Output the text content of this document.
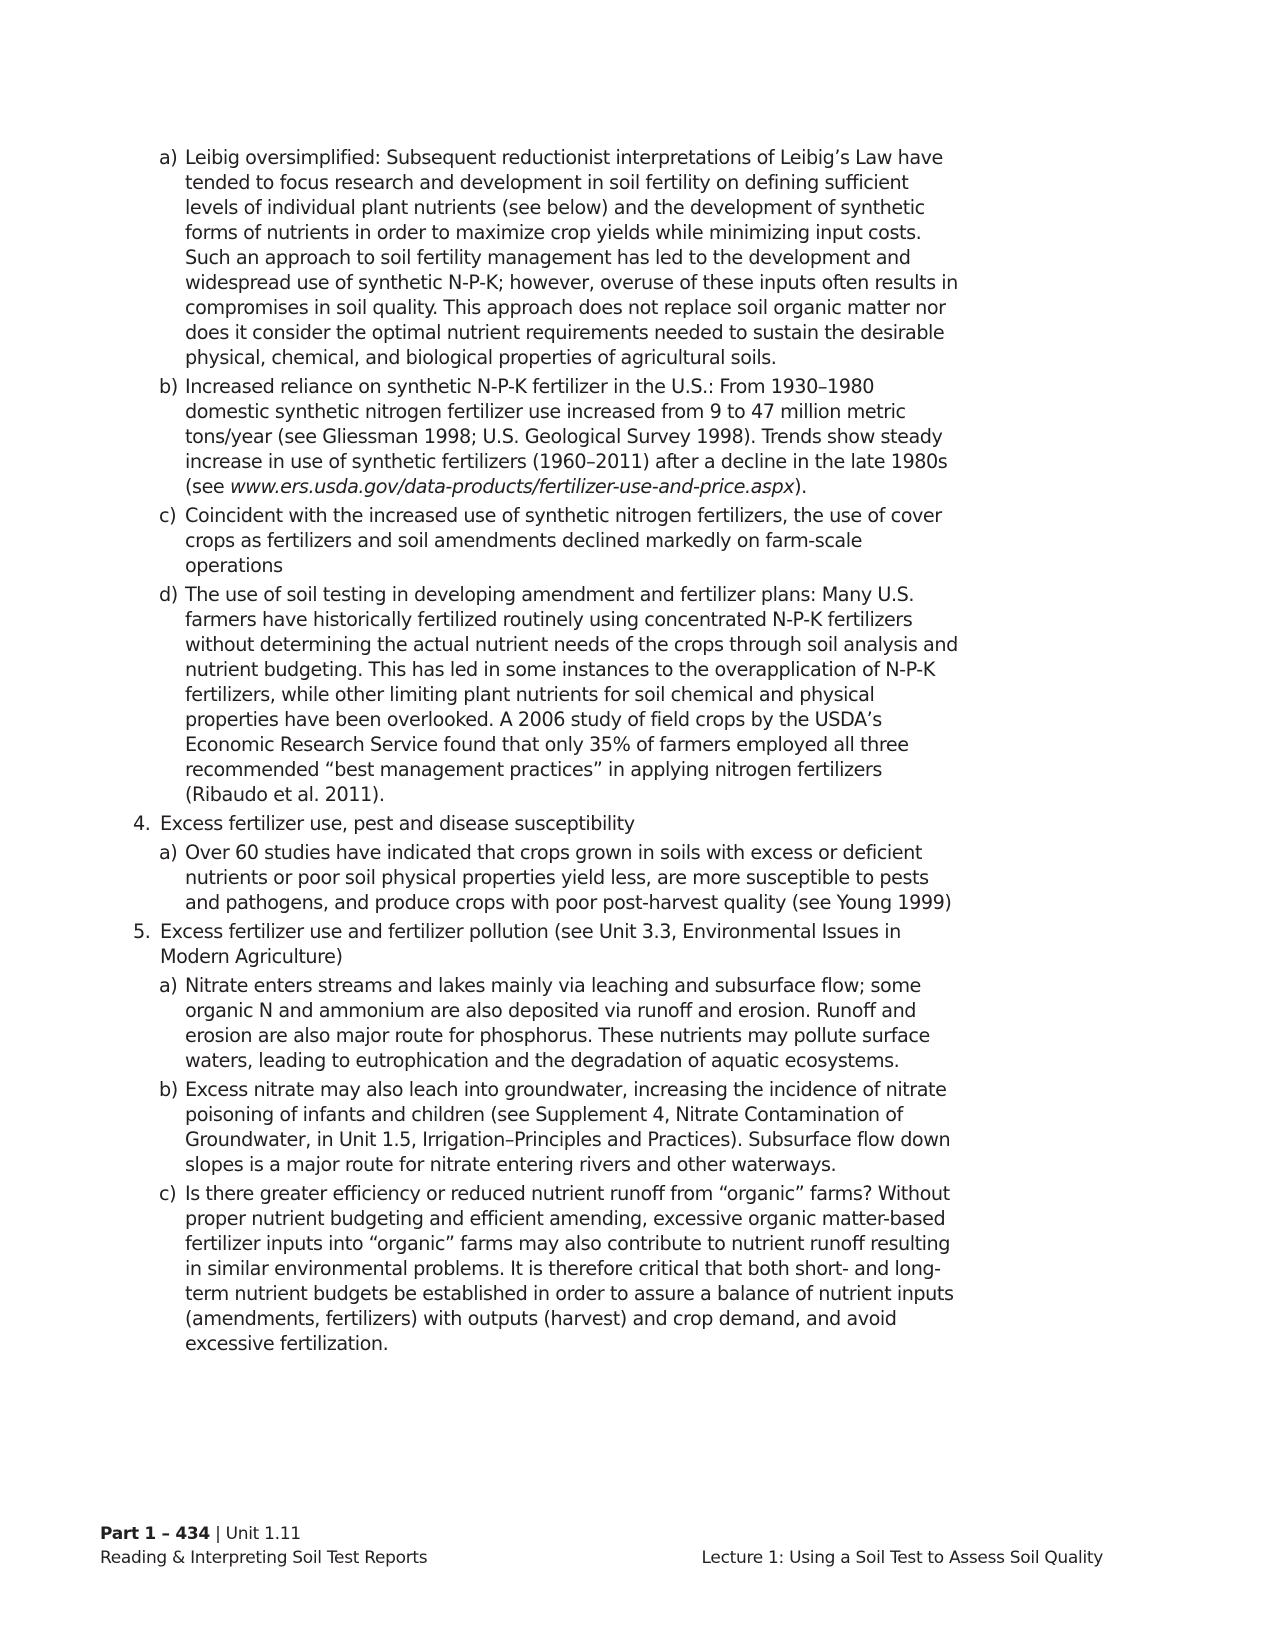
a) Leibig oversimplified: Subsequent reductionist interpretations of Leibig’s Law have tended to focus research and development in soil fertility on defining sufficient levels of individual plant nutrients (see below) and the development of synthetic forms of nutrients in order to maximize crop yields while minimizing input costs. Such an approach to soil fertility management has led to the development and widespread use of synthetic N-P-K; however, overuse of these inputs often results in compromises in soil quality. This approach does not replace soil organic matter nor does it consider the optimal nutrient requirements needed to sustain the desirable physical, chemical, and biological properties of agricultural soils.
b) Increased reliance on synthetic N-P-K fertilizer in the U.S.: From 1930–1980 domestic synthetic nitrogen fertilizer use increased from 9 to 47 million metric tons/year (see Gliessman 1998; U.S. Geological Survey 1998). Trends show steady increase in use of synthetic fertilizers (1960–2011) after a decline in the late 1980s (see www.ers.usda.gov/data-products/fertilizer-use-and-price.aspx).
c) Coincident with the increased use of synthetic nitrogen fertilizers, the use of cover crops as fertilizers and soil amendments declined markedly on farm-scale operations
d) The use of soil testing in developing amendment and fertilizer plans: Many U.S. farmers have historically fertilized routinely using concentrated N-P-K fertilizers without determining the actual nutrient needs of the crops through soil analysis and nutrient budgeting. This has led in some instances to the overapplication of N-P-K fertilizers, while other limiting plant nutrients for soil chemical and physical properties have been overlooked. A 2006 study of field crops by the USDA’s Economic Research Service found that only 35% of farmers employed all three recommended “best management practices” in applying nitrogen fertilizers (Ribaudo et al. 2011).
4. Excess fertilizer use, pest and disease susceptibility
a) Over 60 studies have indicated that crops grown in soils with excess or deficient nutrients or poor soil physical properties yield less, are more susceptible to pests and pathogens, and produce crops with poor post-harvest quality (see Young 1999)
5. Excess fertilizer use and fertilizer pollution (see Unit 3.3, Environmental Issues in Modern Agriculture)
a) Nitrate enters streams and lakes mainly via leaching and subsurface flow; some organic N and ammonium are also deposited via runoff and erosion. Runoff and erosion are also major route for phosphorus. These nutrients may pollute surface waters, leading to eutrophication and the degradation of aquatic ecosystems.
b) Excess nitrate may also leach into groundwater, increasing the incidence of nitrate poisoning of infants and children (see Supplement 4, Nitrate Contamination of Groundwater, in Unit 1.5, Irrigation–Principles and Practices). Subsurface flow down slopes is a major route for nitrate entering rivers and other waterways.
c) Is there greater efficiency or reduced nutrient runoff from “organic” farms? Without proper nutrient budgeting and efficient amending, excessive organic matter-based fertilizer inputs into “organic” farms may also contribute to nutrient runoff resulting in similar environmental problems. It is therefore critical that both short- and long-term nutrient budgets be established in order to assure a balance of nutrient inputs (amendments, fertilizers) with outputs (harvest) and crop demand, and avoid excessive fertilization.
Part 1 – 434 | Unit 1.11
Reading & Interpreting Soil Test Reports	Lecture 1: Using a Soil Test to Assess Soil Quality
